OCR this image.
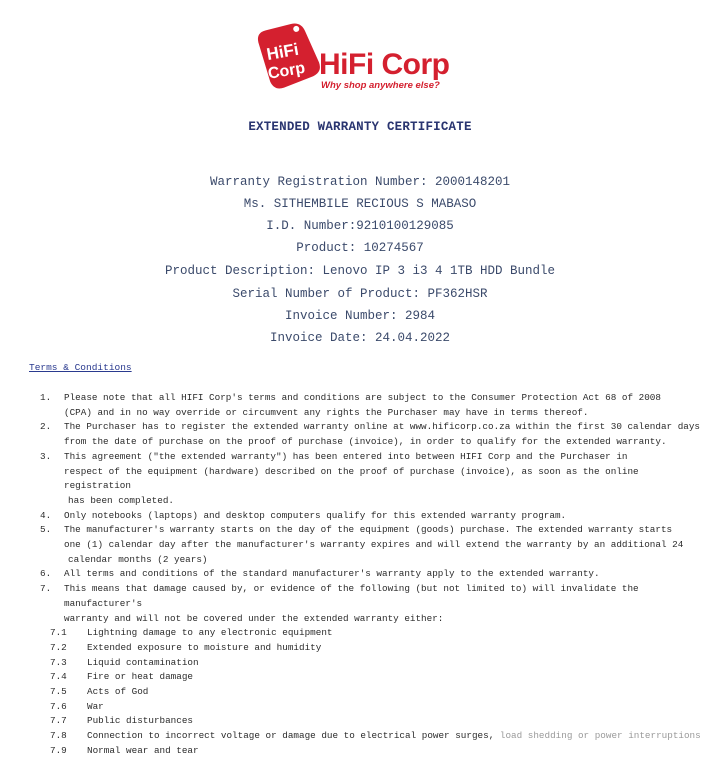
HiFi
Corp HiFi Corp
Why shop anywhere else?
EXTENDED WARRANTY CERTIFICATE
Warranty Registration Number: 2000148201
Ms. SITHEMBILE RECIOUS S MABASO
I.D. Number:9210100129085
Product: 10274567
Product Description: Lenovo IP 3 i3 4 1TB HDD Bundle
Serial Number of Product: PF362HSR
Invoice Number: 2984
Invoice Date: 24.04.2022
Terms & Conditions
1.	Please note that all HIFI Corp's terms and conditions are subject to the Consumer Protection Act 68 of 2008
(CPA) and in no way override or circumvent any rights the Purchaser may have in terms thereof.
2.	The Purchaser has to register the extended warranty online at www.hificorp.co.za within the first 30 calendar days
from the date of purchase on the proof of purchase (invoice), in order to qualify for the extended warranty.
3.	This agreement ("the extended warranty") has been entered into between HIFI Corp and the Purchaser in
respect of the equipment (hardware) described on the proof of purchase (invoice), as soon as the online registration
has been completed.
4.	Only notebooks (laptops) and desktop computers qualify for this extended warranty program.
5.	The manufacturer's warranty starts on the day of the equipment (goods) purchase. The extended warranty starts
one (1) calendar day after the manufacturer's warranty expires and will extend the warranty by an additional 24
calendar months (2 years)
6.	All terms and conditions of the standard manufacturer's warranty apply to the extended warranty.
7.	This means that damage caused by, or evidence of the following (but not limited to) will invalidate the manufacturer's
warranty and will not be covered under the extended warranty either:
7.1 Lightning damage to any electronic equipment
7.2 Extended exposure to moisture and humidity
7.3 Liquid contamination
7.4 Fire or heat damage
7.5 Acts of God
7.6 War
7.7 Public disturbances
7.8 Connection to incorrect voltage or damage due to electrical power surges, load shedding or power interruptions
7.9 Normal wear and tear
